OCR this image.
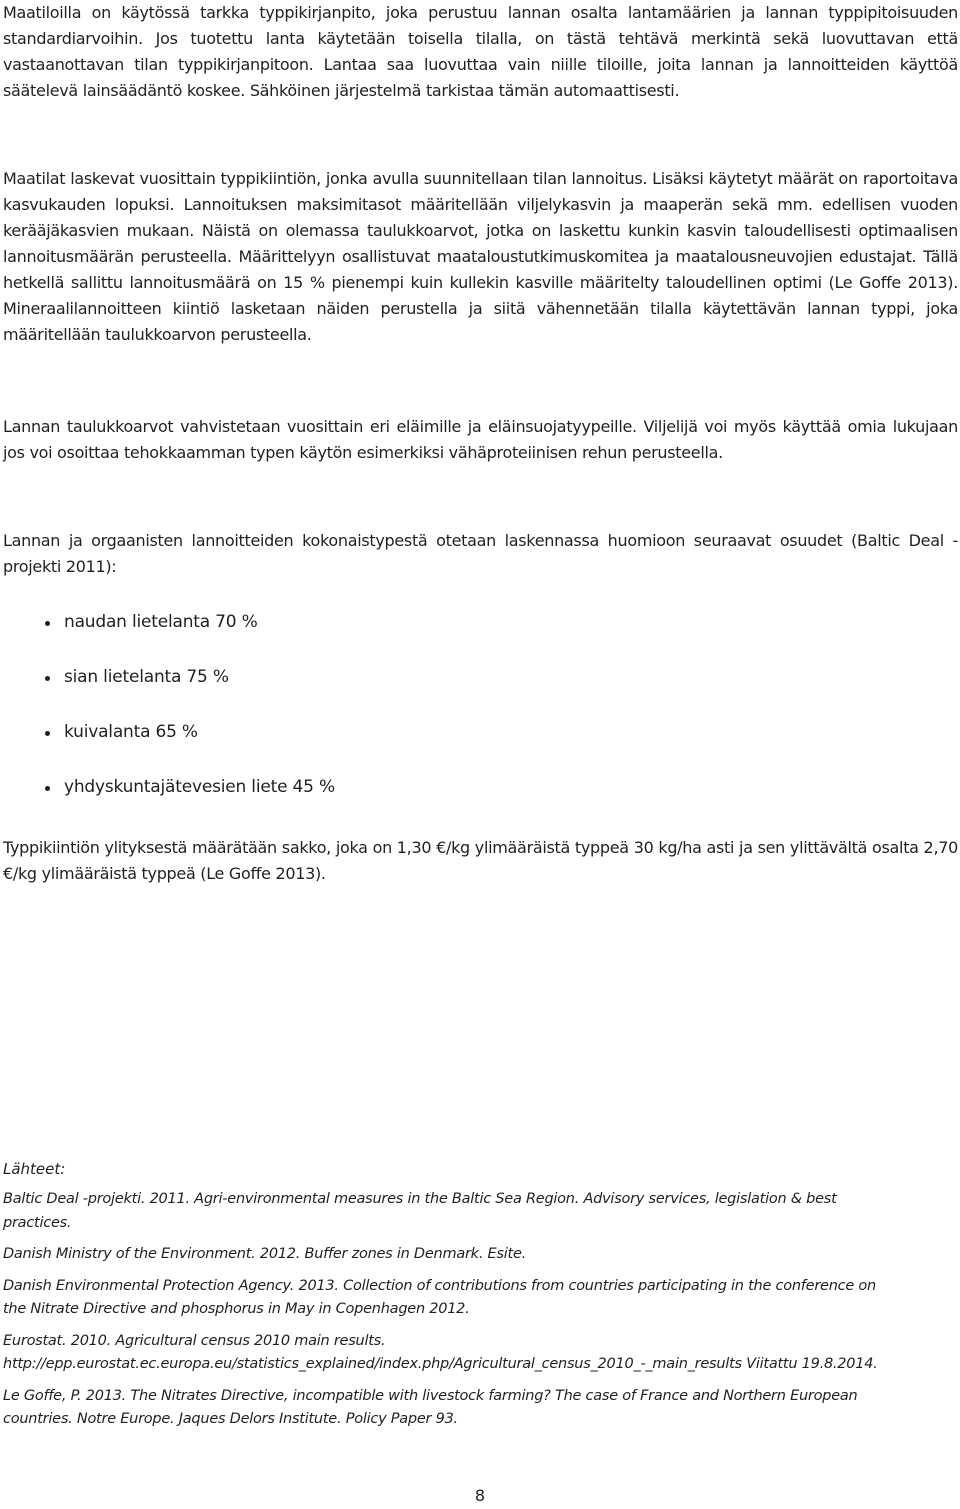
Maatiloilla on käytössä tarkka typpikirjanpito, joka perustuu lannan osalta lantamäärien ja lannan typpipitoisuuden standardiarvoihin. Jos tuotettu lanta käytetään toisella tilalla, on tästä tehtävä merkintä sekä luovuttavan että vastaanottavan tilan typpikirjanpitoon. Lantaa saa luovuttaa vain niille tiloille, joita lannan ja lannoitteiden käyttöä säätelevä lainsäädäntö koskee. Sähköinen järjestelmä tarkistaa tämän automaattisesti.

Maatilat laskevat vuosittain typpikiintiön, jonka avulla suunnitellaan tilan lannoitus. Lisäksi käytetyt määrät on raportoitava kasvukauden lopuksi. Lannoituksen maksimitasot määritellään viljelykasvin ja maaperän sekä mm. edellisen vuoden kerääjäkasvien mukaan. Näistä on olemassa taulukkoarvot, jotka on laskettu kunkin kasvin taloudellisesti optimaalisen lannoitusmäärän perusteella. Määrittelyyn osallistuvat maataloustutkimuskomitea ja maatalousneuvojien edustajat. Tällä hetkellä sallittu lannoitusmäärä on 15 % pienempi kuin kullekin kasville määritelty taloudellinen optimi (Le Goffe 2013). Mineraalilannoitteen kiintiö lasketaan näiden perustella ja siitä vähennetään tilalla käytettävän lannan typpi, joka määritellään taulukkoarvon perusteella.

Lannan taulukkoarvot vahvistetaan vuosittain eri eläimille ja eläinsuojatyypeille. Viljelijä voi myös käyttää omia lukujaan jos voi osoittaa tehokkaamman typen käytön esimerkiksi vähäproteiinisen rehun perusteella.

Lannan ja orgaanisten lannoitteiden kokonaistypestä otetaan laskennassa huomioon seuraavat osuudet (Baltic Deal -projekti 2011):

naudan lietelanta 70 %
sian lietelanta 75 %
kuivalanta 65 %
yhdyskuntajätevesien liete 45 %

Typpikiintiön ylityksestä määrätään sakko, joka on 1,30 €/kg ylimääräistä typpeä 30 kg/ha asti ja sen ylittävältä osalta 2,70 €/kg ylimääräistä typpeä (Le Goffe 2013).

Lähteet:

Baltic Deal -projekti. 2011. Agri-environmental measures in the Baltic Sea Region. Advisory services, legislation & best practices.
Danish Ministry of the Environment. 2012. Buffer zones in Denmark. Esite.
Danish Environmental Protection Agency. 2013. Collection of contributions from countries participating in the conference on the Nitrate Directive and phosphorus in May in Copenhagen 2012.
Eurostat. 2010. Agricultural census 2010 main results. http://epp.eurostat.ec.europa.eu/statistics_explained/index.php/Agricultural_census_2010_-_main_results Viitattu 19.8.2014.
Le Goffe, P. 2013. The Nitrates Directive, incompatible with livestock farming? The case of France and Northern European countries. Notre Europe. Jaques Delors Institute. Policy Paper 93.

8
